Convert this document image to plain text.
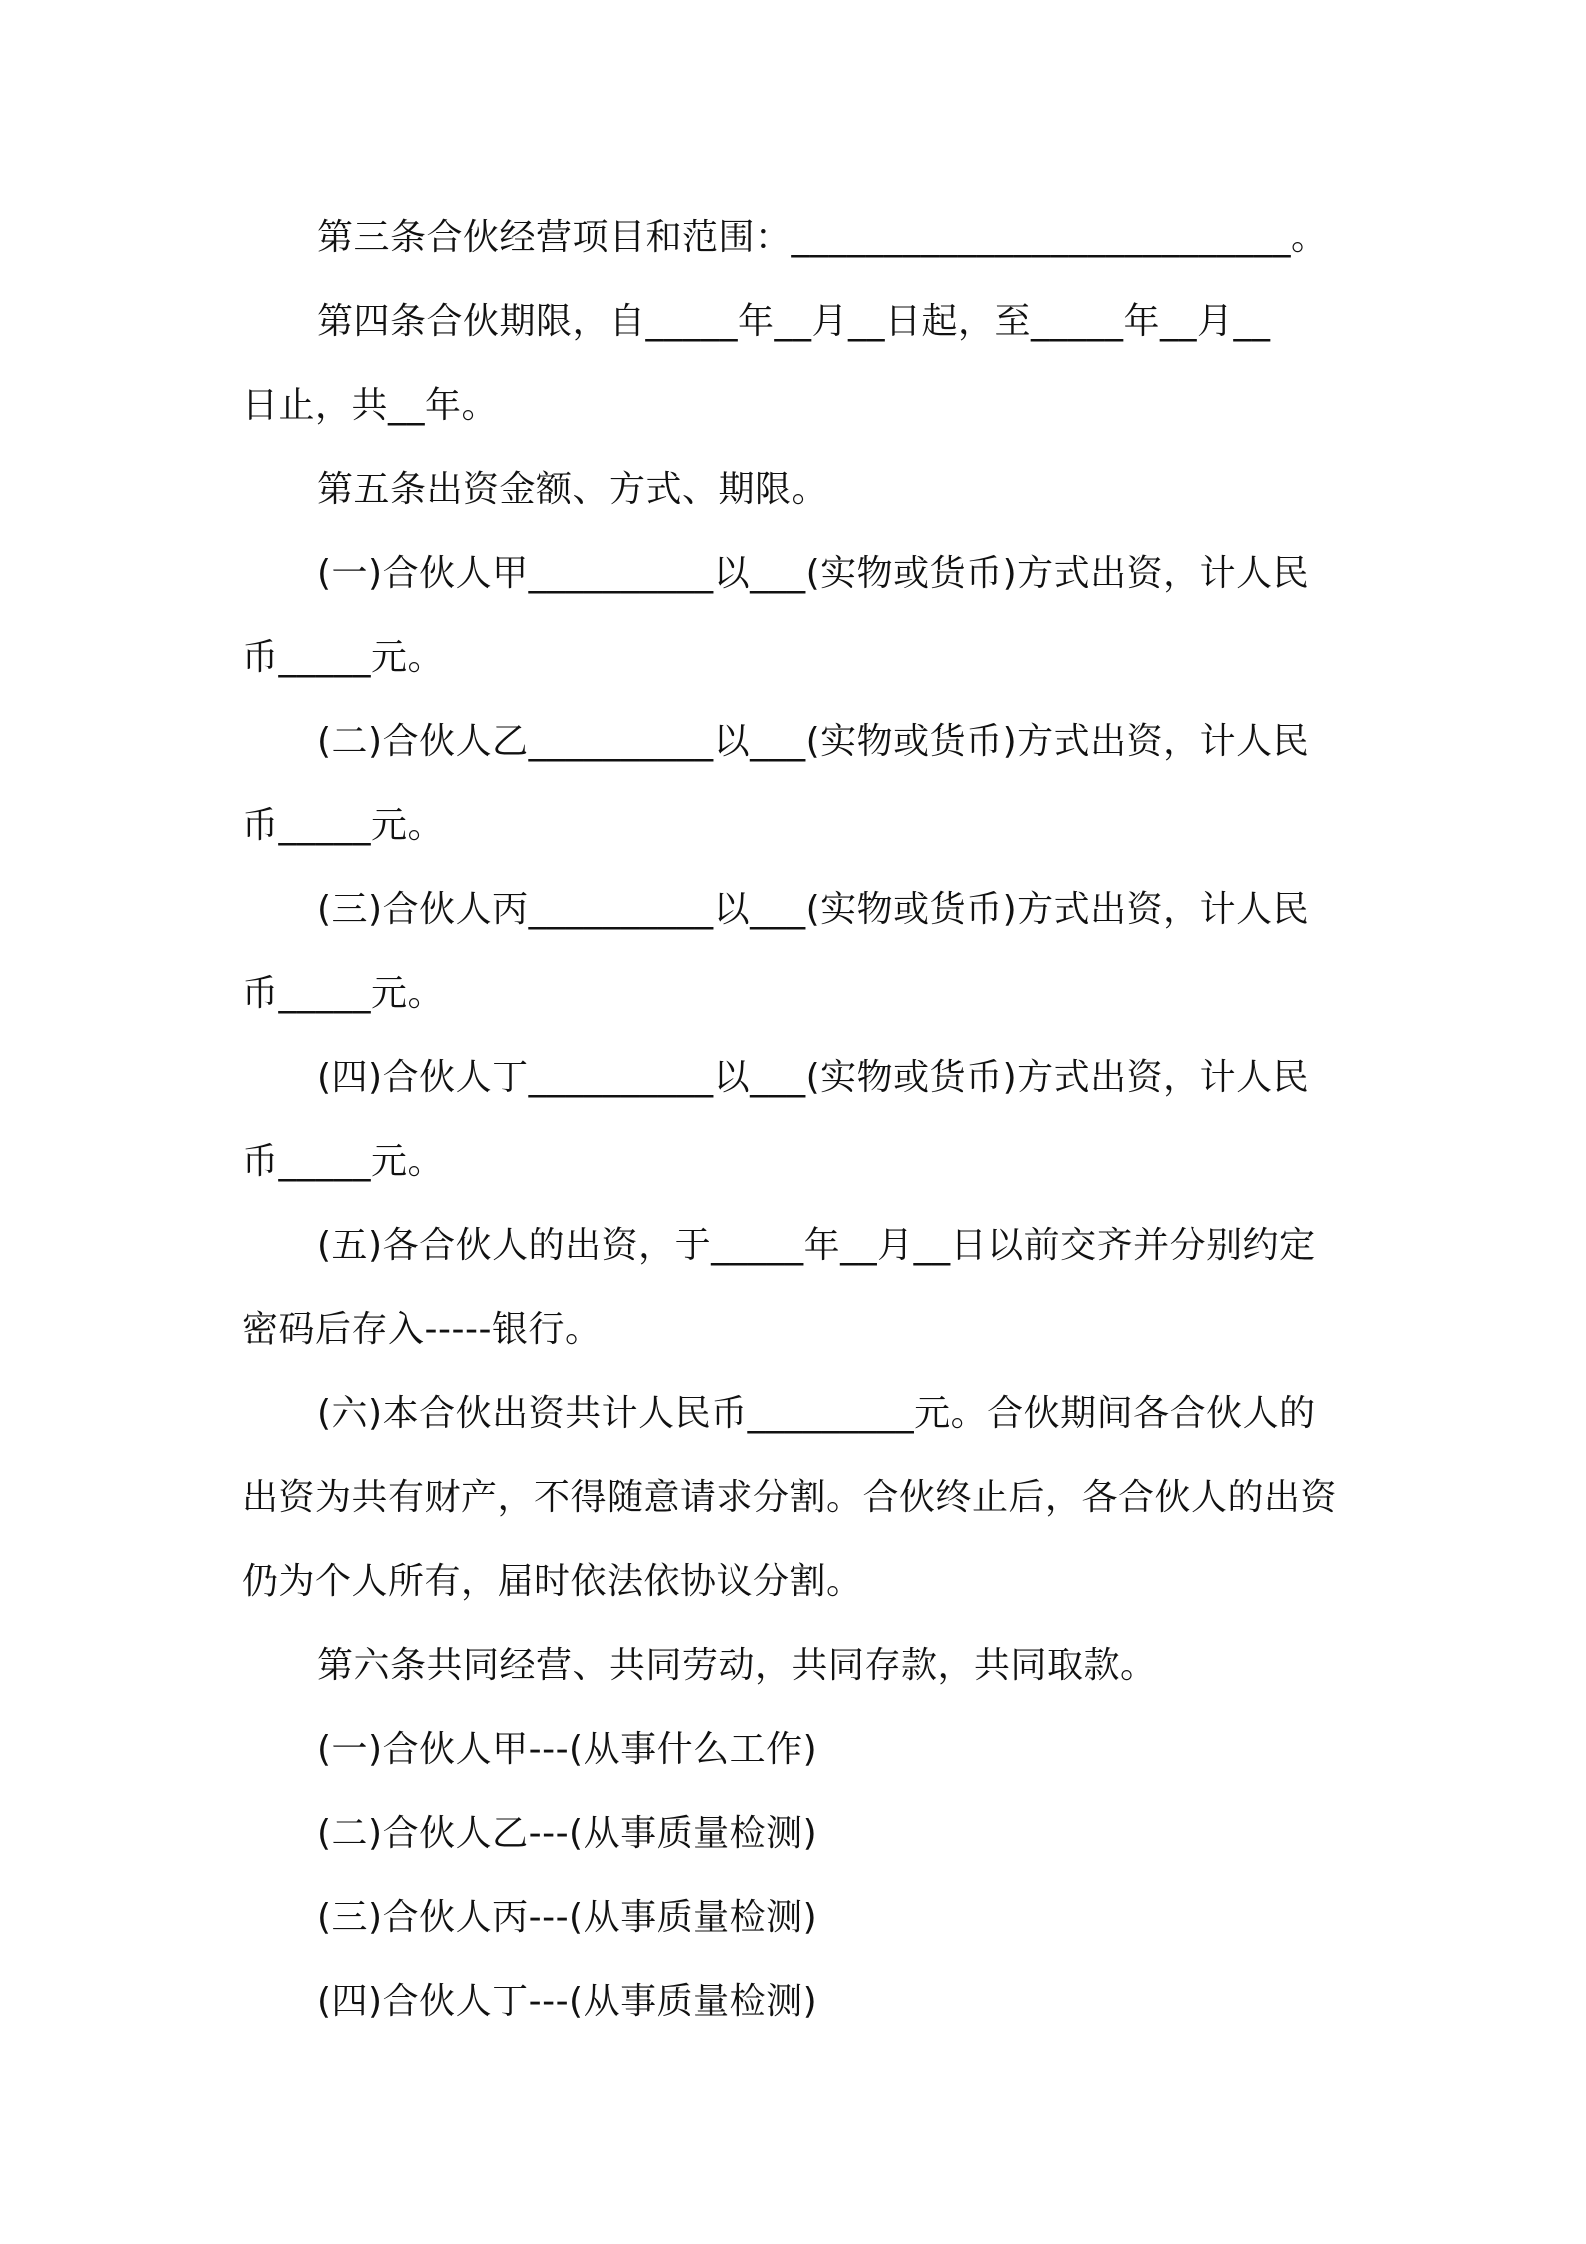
第三条合伙经营项目和范围：___________________________。
第四条合伙期限，自_____年__月__日起，至_____年__月__
日止，共__年。
第五条出资金额、方式、期限。
(一)合伙人甲__________以___(实物或货币)方式出资，计人民
币_____元。
(二)合伙人乙__________以___(实物或货币)方式出资，计人民
币_____元。
(三)合伙人丙__________以___(实物或货币)方式出资，计人民
币_____元。
(四)合伙人丁__________以___(实物或货币)方式出资，计人民
币_____元。
(五)各合伙人的出资，于_____年__月__日以前交齐并分别约定
密码后存入-----银行。
(六)本合伙出资共计人民币_________元。合伙期间各合伙人的
出资为共有财产，不得随意请求分割。合伙终止后，各合伙人的出资
仍为个人所有，届时依法依协议分割。
第六条共同经营、共同劳动，共同存款，共同取款。
(一)合伙人甲---(从事什么工作)
(二)合伙人乙---(从事质量检测)
(三)合伙人丙---(从事质量检测)
(四)合伙人丁---(从事质量检测)
